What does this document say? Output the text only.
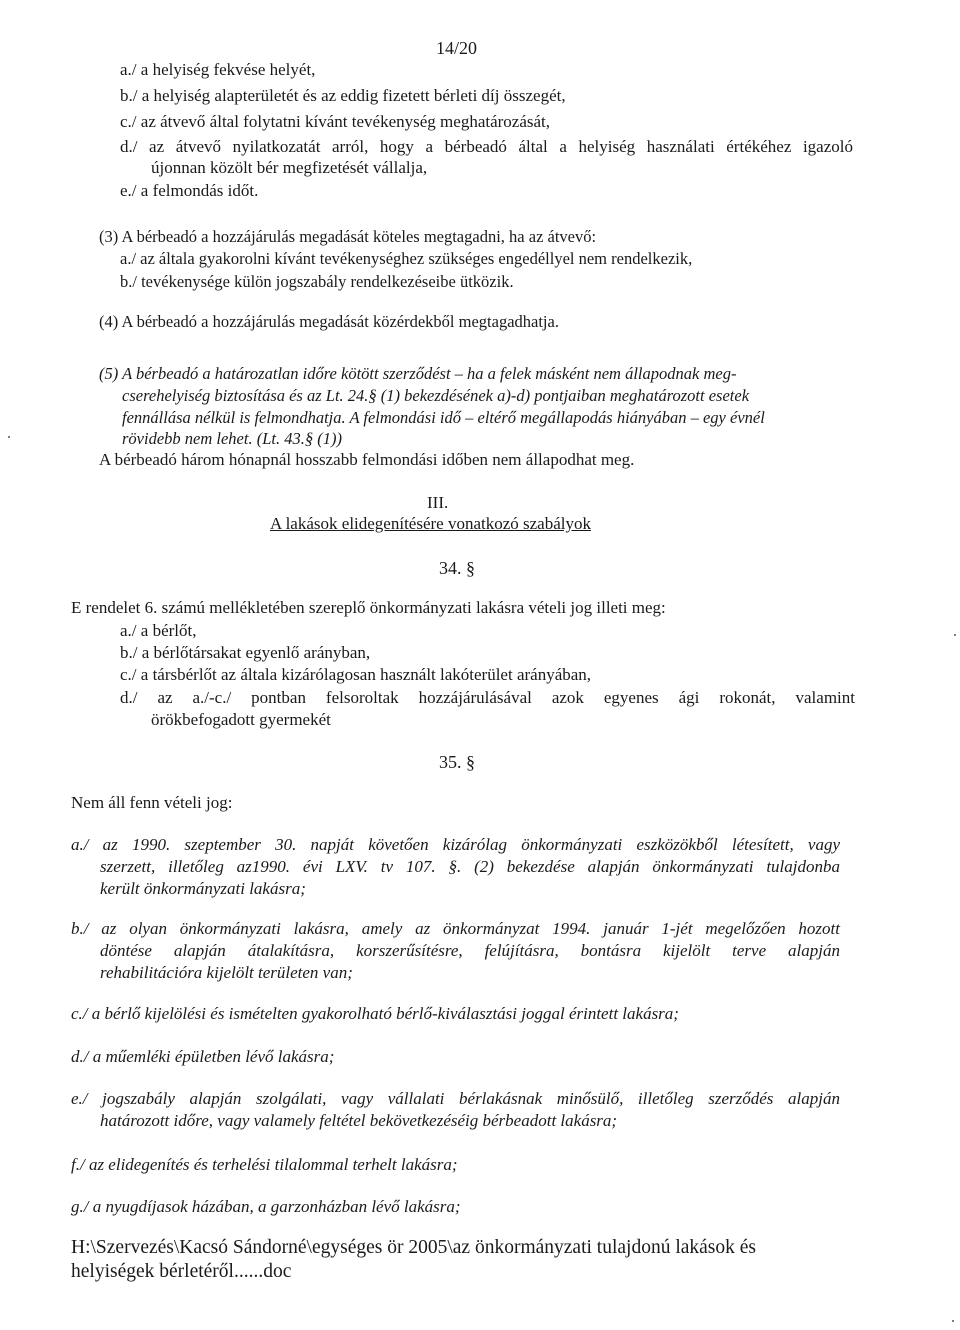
14/20
a./ a helyiség fekvése helyét,
b./ a helyiség alapterületét és az eddig fizetett bérleti díj összegét,
c./ az átvevő által folytatni kívánt tevékenység meghatározását,
d./ az átvevő nyilatkozatát arról, hogy a bérbeadó által a helyiség használati értékéhez igazoló
újonnan közölt bér megfizetését vállalja,
e./ a felmondás időt.
(3) A bérbeadó a hozzájárulás megadását köteles megtagadni, ha az átvevő:
a./ az általa gyakorolni kívánt tevékenységhez szükséges engedéllyel nem rendelkezik,
b./ tevékenysége külön jogszabály rendelkezéseibe ütközik.
(4) A bérbeadó a hozzájárulás megadását közérdekből megtagadhatja.
(5) A bérbeadó a határozatlan időre kötött szerződést – ha a felek másként nem állapodnak meg-
cserehelyiség biztosítása és az Lt. 24.§ (1) bekezdésének a)-d) pontjaiban meghatározott esetek
fennállása nélkül is felmondhatja. A felmondási idő – eltérő megállapodás hiányában – egy évnél
rövidebb nem lehet. (Lt. 43.§ (1))
A bérbeadó három hónapnál hosszabb felmondási időben nem állapodhat meg.
III.
A lakások elidegenítésére vonatkozó szabályok
34. §
E rendelet 6. számú mellékletében szereplő önkormányzati lakásra vételi jog illeti meg:
a./ a bérlőt,
b./ a bérlőtársakat egyenlő arányban,
c./ a társbérlőt az általa kizárólagosan használt lakóterület arányában,
d./ az a./-c./ pontban felsoroltak hozzájárulásával azok egyenes ági rokonát, valamint
örökbefogadott gyermekét
35. §
Nem áll fenn vételi jog:
a./ az 1990. szeptember 30. napját követően kizárólag önkormányzati eszközökből létesített, vagy
szerzett, illetőleg az1990. évi LXV. tv 107. §. (2) bekezdése alapján önkormányzati tulajdonba
került önkormányzati lakásra;
b./ az olyan önkormányzati lakásra, amely az önkormányzat 1994. január 1-jét megelőzően hozott
döntése alapján átalakításra, korszerűsítésre, felújításra, bontásra kijelölt terve alapján
rehabilitációra kijelölt területen van;
c./ a bérlő kijelölési és ismételten gyakorolható bérlő-kiválasztási joggal érintett lakásra;
d./ a műemléki épületben lévő lakásra;
e./ jogszabály alapján szolgálati, vagy vállalati bérlakásnak minősülő, illetőleg szerződés alapján
határozott időre, vagy valamely feltétel bekövetkezéséig bérbeadott lakásra;
f./ az elidegenítés és terhelési tilalommal terhelt lakásra;
g./ a nyugdíjasok házában, a garzonházban lévő lakásra;
H:\Szervezés\Kacsó Sándorné\egységes ör 2005\az önkormányzati tulajdonú lakások és
helyiségek bérletéről......doc
